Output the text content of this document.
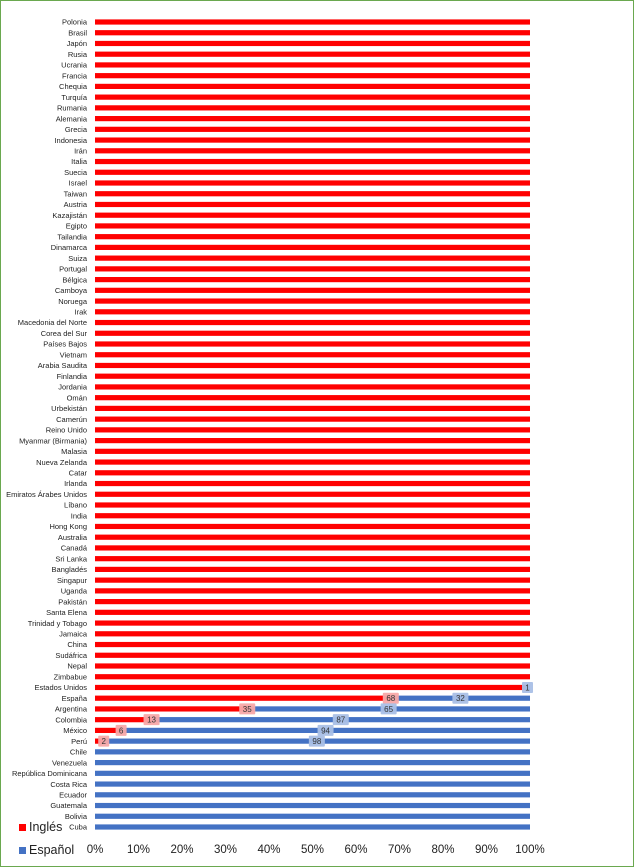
Polonia
Brasil
Japón
Rusia
Ucrania
Francia
Chequia
Turquía
Rumania
Alemania
Grecia
Indonesia
Irán
Italia
Suecia
Israel
Taiwan
Austria
Kazajistán
Egipto
Tailandia
Dinamarca
Suiza
Portugal
Bélgica
Camboya
Noruega
Irak
Macedonia del Norte
Corea del Sur
Países Bajos
Vietnam
Arabia Saudita
Finlandia
Jordania
Omán
Urbekistán
Camerún
Reino Unido
Myanmar (Birmania)
Malasia
Nueva Zelanda
Catar
Irlanda
Emiratos Árabes Unidos
Líbano
India
Hong Kong
Australia
Canadá
Sri Lanka
Bangladés
Singapur
Uganda
Pakistán
Santa Elena
Trinidad y Tobago
Jamaica
China
Sudáfrica
Nepal
Zimbabue
Estados Unidos
España
Argentina
Colombia
México
Perú
Chile
Venezuela
República Dominicana
Costa Rica
Ecuador
Guatemala
Bolivia
Cuba
0% 10% 20% 30% 40% 50% 60% 70% 80% 90% 100%
68
35
13
6
2
1
32
65
87
94
98
Inglés
Español
